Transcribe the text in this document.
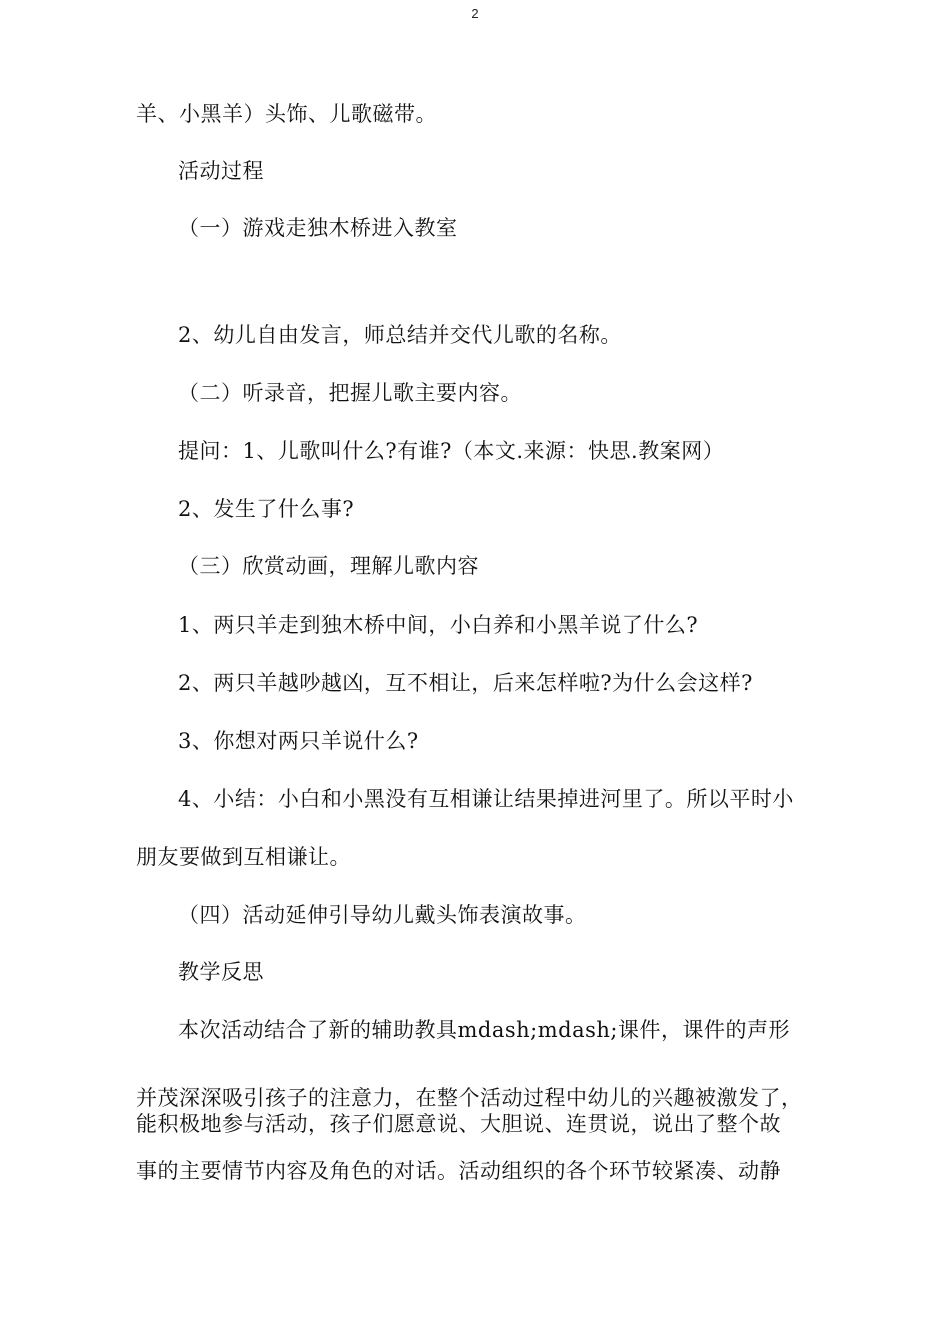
2
羊、小黑羊）头饰、儿歌磁带。
活动过程
（一）游戏走独木桥进入教室
2、幼儿自由发言，师总结并交代儿歌的名称。
（二）听录音，把握儿歌主要内容。
提问：1、儿歌叫什么?有谁?（本文.来源：快思.教案网）
2、发生了什么事?
（三）欣赏动画，理解儿歌内容
1、两只羊走到独木桥中间，小白养和小黑羊说了什么?
2、两只羊越吵越凶，互不相让，后来怎样啦?为什么会这样?
3、你想对两只羊说什么?
4、小结：小白和小黑没有互相谦让结果掉进河里了。所以平时小
朋友要做到互相谦让。
（四）活动延伸引导幼儿戴头饰表演故事。
教学反思
本次活动结合了新的辅助教具mdash;mdash;课件，课件的声形
并茂深深吸引孩子的注意力，在整个活动过程中幼儿的兴趣被激发了，
能积极地参与活动，孩子们愿意说、大胆说、连贯说，说出了整个故
事的主要情节内容及角色的对话。活动组织的各个环节较紧凑、动静
